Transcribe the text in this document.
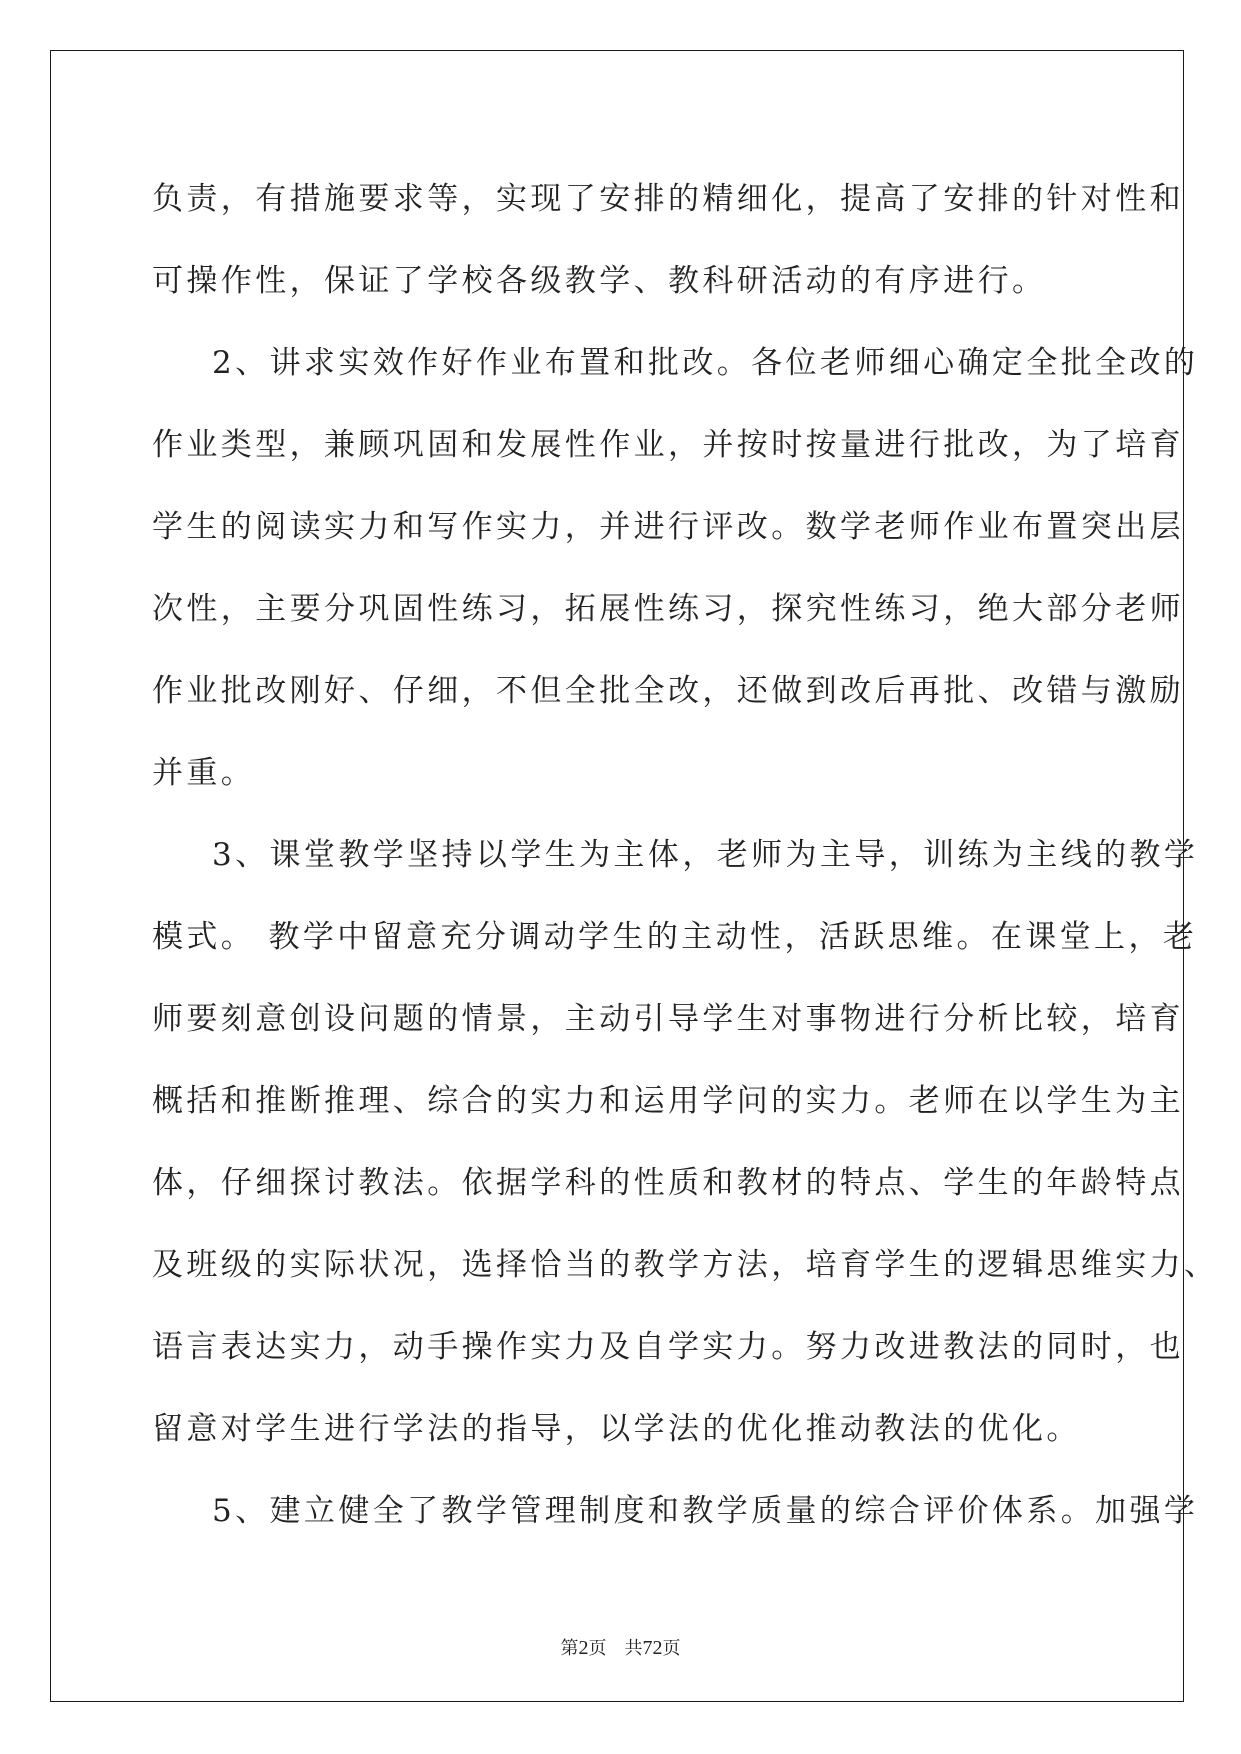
负责，有措施要求等，实现了安排的精细化，提高了安排的针对性和
可操作性，保证了学校各级教学、教科研活动的有序进行。
2、讲求实效作好作业布置和批改。各位老师细心确定全批全改的
作业类型，兼顾巩固和发展性作业，并按时按量进行批改，为了培育
学生的阅读实力和写作实力，并进行评改。数学老师作业布置突出层
次性，主要分巩固性练习，拓展性练习，探究性练习，绝大部分老师
作业批改刚好、仔细，不但全批全改，还做到改后再批、改错与激励
并重。
3、课堂教学坚持以学生为主体，老师为主导，训练为主线的教学
模式。 教学中留意充分调动学生的主动性，活跃思维。在课堂上，老
师要刻意创设问题的情景，主动引导学生对事物进行分析比较，培育
概括和推断推理、综合的实力和运用学问的实力。老师在以学生为主
体，仔细探讨教法。依据学科的性质和教材的特点、学生的年龄特点
及班级的实际状况，选择恰当的教学方法，培育学生的逻辑思维实力、
语言表达实力，动手操作实力及自学实力。努力改进教法的同时，也
留意对学生进行学法的指导，以学法的优化推动教法的优化。
5、建立健全了教学管理制度和教学质量的综合评价体系。加强学
第2页 共72页
